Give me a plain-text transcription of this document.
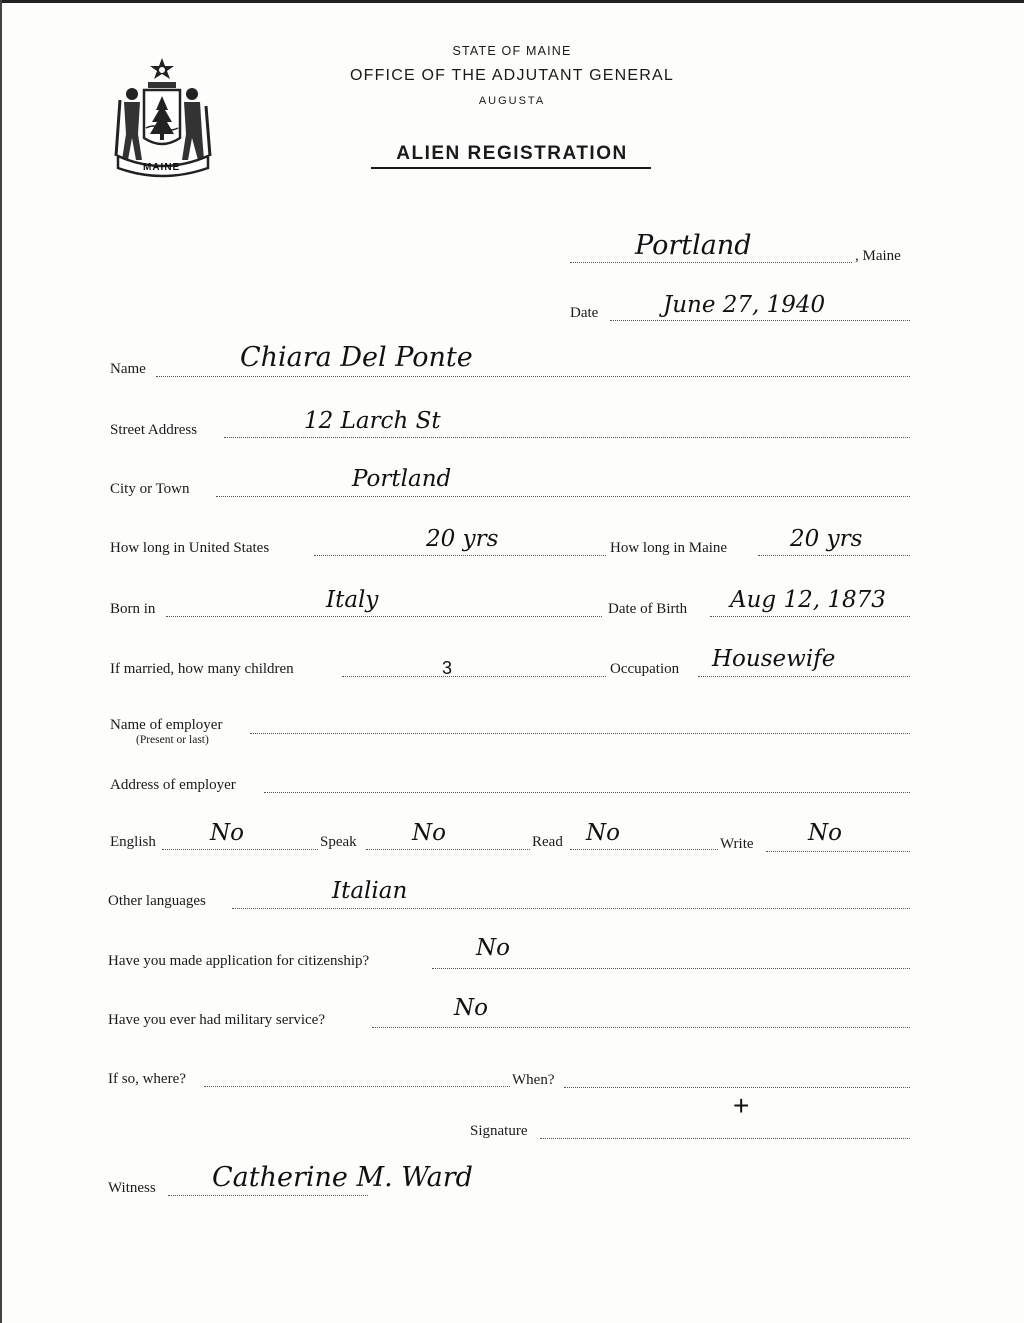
MAINE
STATE OF MAINE
OFFICE OF THE ADJUTANT GENERAL
AUGUSTA
ALIEN REGISTRATION
Portland	, Maine
Date	June 27, 1940
Name	Chiara Del Ponte
Street Address	12 Larch St
City or Town	Portland
How long in United States	20 yrs	How long in Maine	20 yrs
Born in	Italy	Date of Birth Aug 12, 1873
If married, how many children	3	Occupation Housewife
Name of employer
(Present or last)
Address of employer
English No	Speak No	Read No	Write No
Other languages	Italian
Have you made application for citizenship?	No
Have you ever had military service?	No
If so, where?	When?
+
Signature
Witness Catherine M. Ward
